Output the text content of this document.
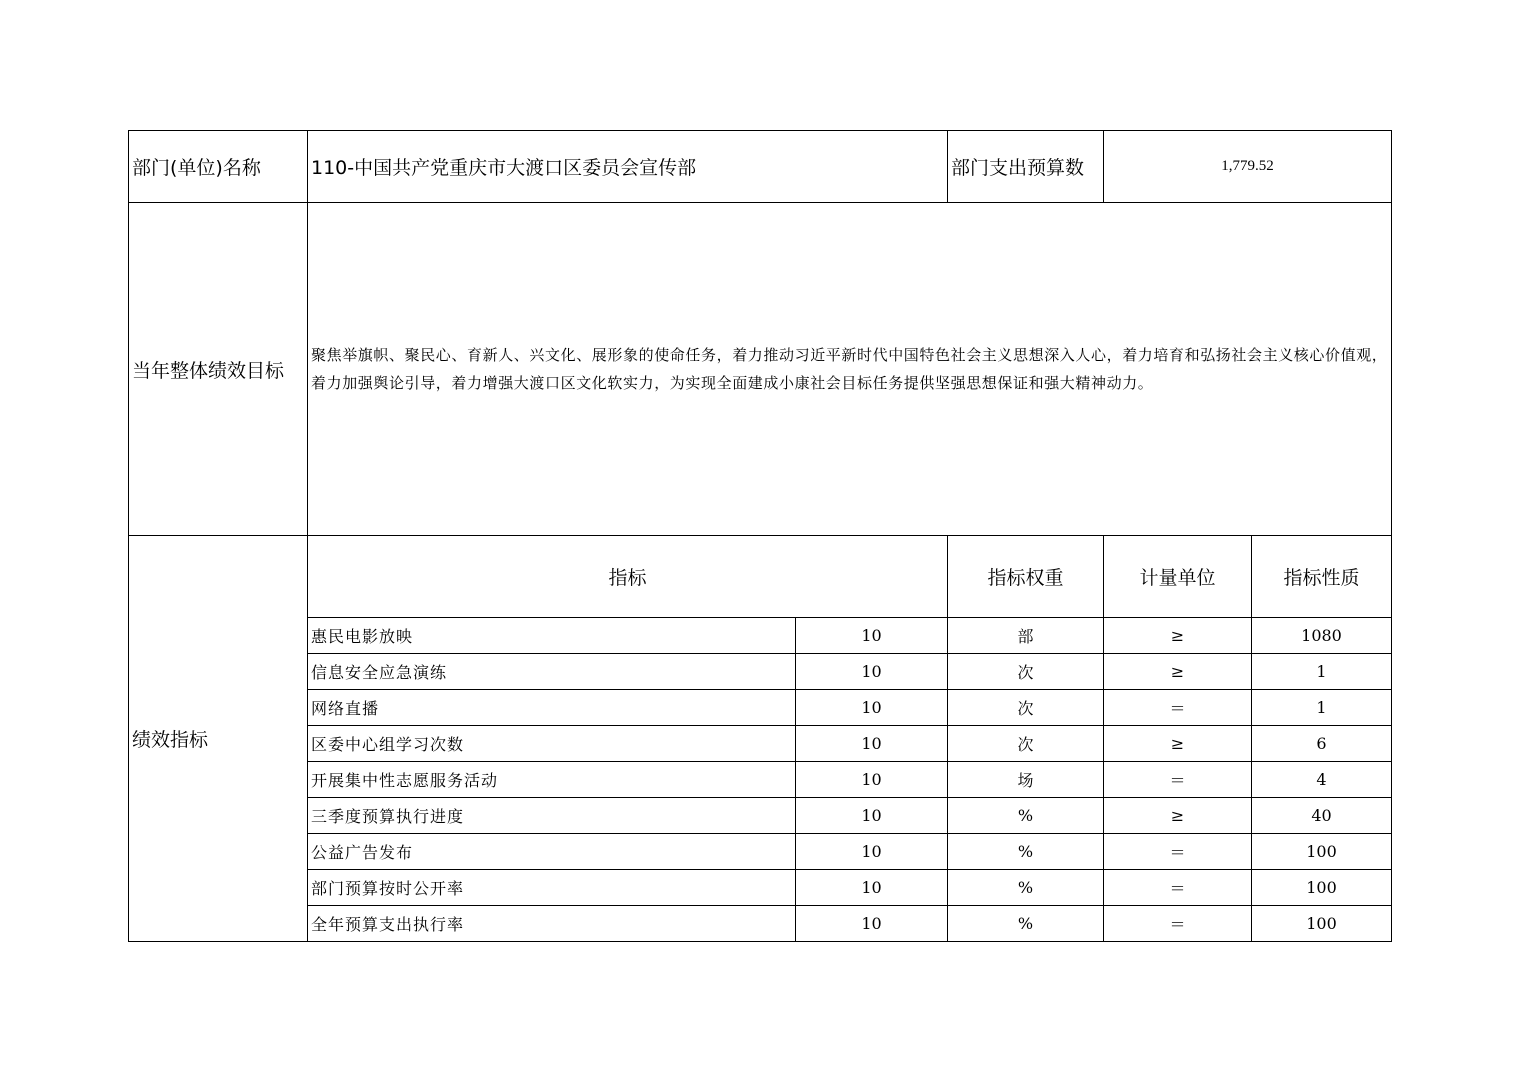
部门(单位)名称	110-中国共产党重庆市大渡口区委员会宣传部		部门支出预算数	1,779.52		
当年整体绩效目标	聚焦举旗帜、聚民心、育新人、兴文化、展形象的使命任务，着力推动习近平新时代中国特色社会主义思想深入人心，着力培育和弘扬社会主义核心价值观，着力加强舆论引导，着力增强大渡口区文化软实力，为实现全面建成小康社会目标任务提供坚强思想保证和强大精神动力。					
绩效指标	指标		指标权重	计量单位	指标性质	
	惠民电影放映	10	部	≥	1080	
	信息安全应急演练	10	次	≥	1	
	网络直播	10	次	＝	1	
	区委中心组学习次数	10	次	≥	6	
	开展集中性志愿服务活动	10	场	＝	4	
	三季度预算执行进度	10	%	≥	40	
	公益广告发布	10	%	＝	100	
	部门预算按时公开率	10	%	＝	100	
	全年预算支出执行率	10	%	＝	100	
